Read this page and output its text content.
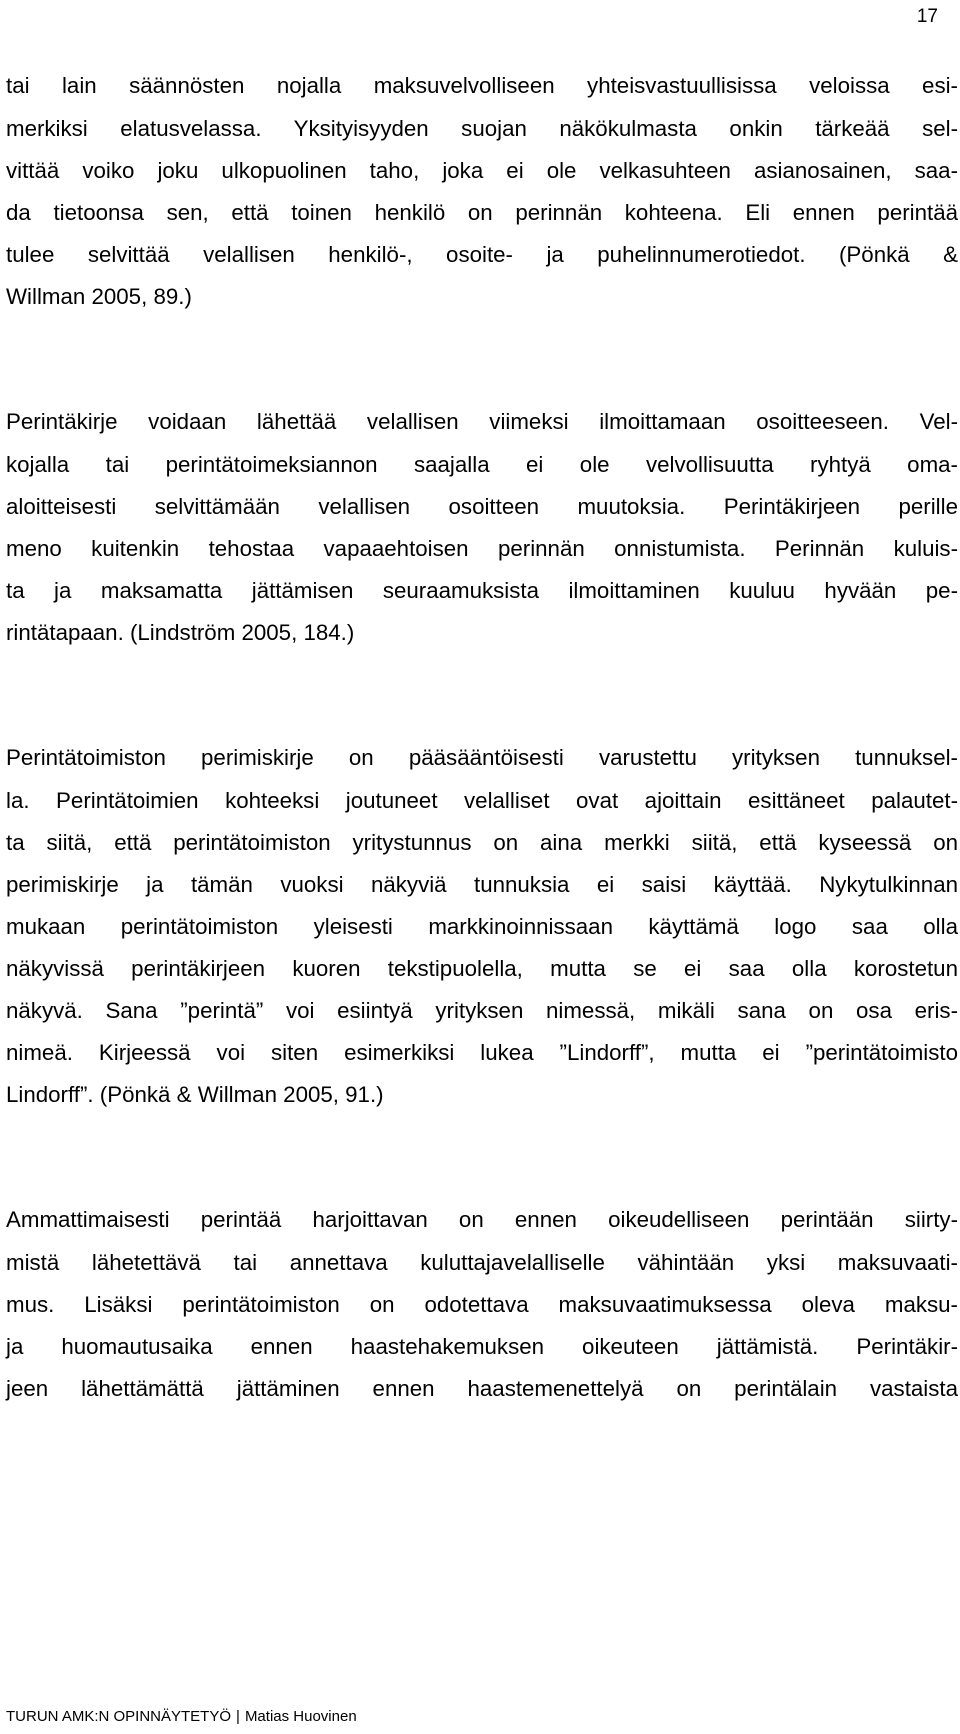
17
tai lain säännösten nojalla maksuvelvolliseen yhteisvastuullisissa veloissa esi-
merkiksi elatusvelassa. Yksityisyyden suojan näkökulmasta onkin tärkeää sel-
vittää voiko joku ulkopuolinen taho, joka ei ole velkasuhteen asianosainen, saa-
da tietoonsa sen, että toinen henkilö on perinnän kohteena. Eli ennen perintää
tulee selvittää velallisen henkilö-, osoite- ja puhelinnumerotiedot. (Pönkä &
Willman 2005, 89.)
Perintäkirje voidaan lähettää velallisen viimeksi ilmoittamaan osoitteeseen. Vel-
kojalla tai perintätoimeksiannon saajalla ei ole velvollisuutta ryhtyä oma-
aloitteisesti selvittämään velallisen osoitteen muutoksia. Perintäkirjeen perille
meno kuitenkin tehostaa vapaaehtoisen perinnän onnistumista. Perinnän kuluis-
ta ja maksamatta jättämisen seuraamuksista ilmoittaminen kuuluu hyvään pe-
rintätapaan. (Lindström 2005, 184.)
Perintätoimiston perimiskirje on pääsääntöisesti varustettu yrityksen tunnuksel-
la. Perintätoimien kohteeksi joutuneet velalliset ovat ajoittain esittäneet palautet-
ta siitä, että perintätoimiston yritystunnus on aina merkki siitä, että kyseessä on
perimiskirje ja tämän vuoksi näkyviä tunnuksia ei saisi käyttää. Nykytulkinnan
mukaan perintätoimiston yleisesti markkinoinnissaan käyttämä logo saa olla
näkyvissä perintäkirjeen kuoren tekstipuolella, mutta se ei saa olla korostetun
näkyvä. Sana ”perintä” voi esiintyä yrityksen nimessä, mikäli sana on osa eris-
nimeä. Kirjeessä voi siten esimerkiksi lukea ”Lindorff”, mutta ei ”perintätoimisto
Lindorff”. (Pönkä & Willman 2005, 91.)
Ammattimaisesti perintää harjoittavan on ennen oikeudelliseen perintään siirty-
mistä lähetettävä tai annettava kuluttajavelalliselle vähintään yksi maksuvaati-
mus. Lisäksi perintätoimiston on odotettava maksuvaatimuksessa oleva maksu-
ja huomautusaika ennen haastehakemuksen oikeuteen jättämistä. Perintäkir-
jeen lähettämättä jättäminen ennen haastemenettelyä on perintälain vastaista
TURUN AMK:N OPINNÄYTETYÖ | Matias Huovinen
